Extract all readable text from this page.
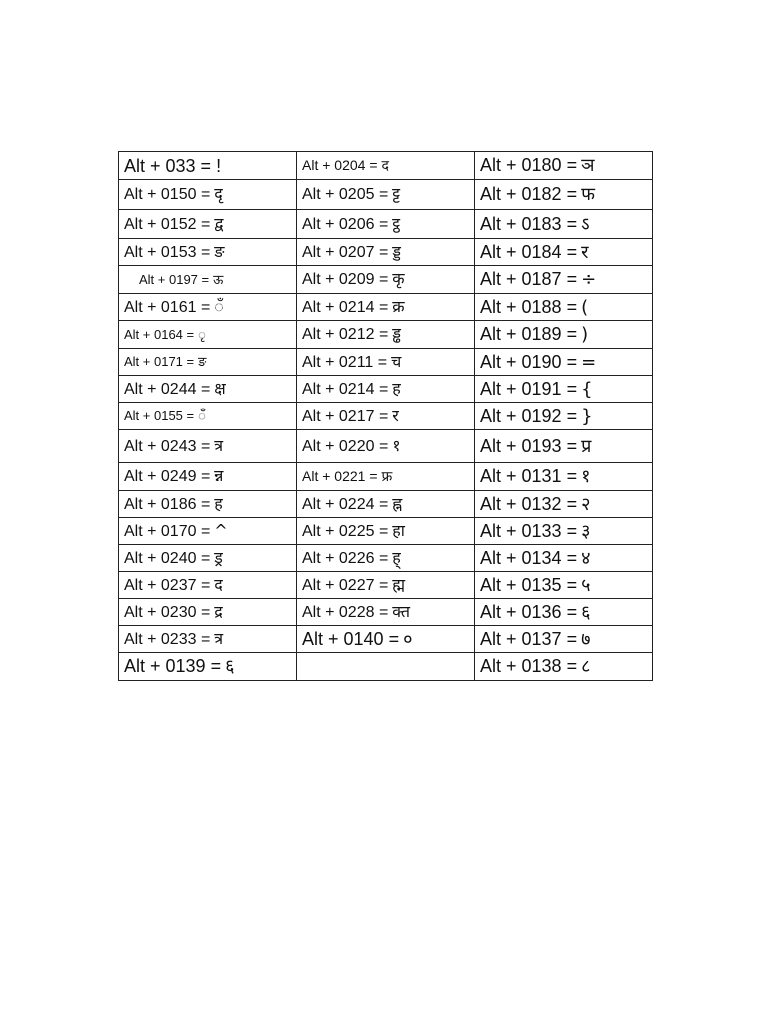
Alt + 033 = !	Alt + 0204 = द	Alt + 0180 = ञ
Alt + 0150 = दृ	Alt + 0205 = ट्ट	Alt + 0182 = फ
Alt + 0152 = द्व	Alt + 0206 = ट्ठ	Alt + 0183 = ऽ
Alt + 0153 = ङ	Alt + 0207 = ड्ड	Alt + 0184 = र
Alt + 0197 = ऊ	Alt + 0209 = कृ	Alt + 0187 = ÷
Alt + 0161 = ँ	Alt + 0214 = क्र	Alt + 0188 = (
Alt + 0164 = ृ	Alt + 0212 = ड्ढ	Alt + 0189 = )
Alt + 0171 = ङ	Alt + 0211 = च	Alt + 0190 = =
Alt + 0244 = क्ष	Alt + 0214 = ह	Alt + 0191 = {
Alt + 0155 = ँ	Alt + 0217 = र	Alt + 0192 = }
Alt + 0243 = त्र	Alt + 0220 = १	Alt + 0193 = प्र
Alt + 0249 = न्न	Alt + 0221 = फ्र	Alt + 0131 = १
Alt + 0186 = ह	Alt + 0224 = ह्न	Alt + 0132 = २
Alt + 0170 = ^	Alt + 0225 = हा	Alt + 0133 = ३
Alt + 0240 = ड्र	Alt + 0226 = ह्	Alt + 0134 = ४
Alt + 0237 = द	Alt + 0227 = ह्म	Alt + 0135 = ५
Alt + 0230 = द्र	Alt + 0228 = क्त	Alt + 0136 = ६
Alt + 0233 = त्र	Alt + 0140 = ०	Alt + 0137 = ७
Alt + 0139 = ६		Alt + 0138 = ८
